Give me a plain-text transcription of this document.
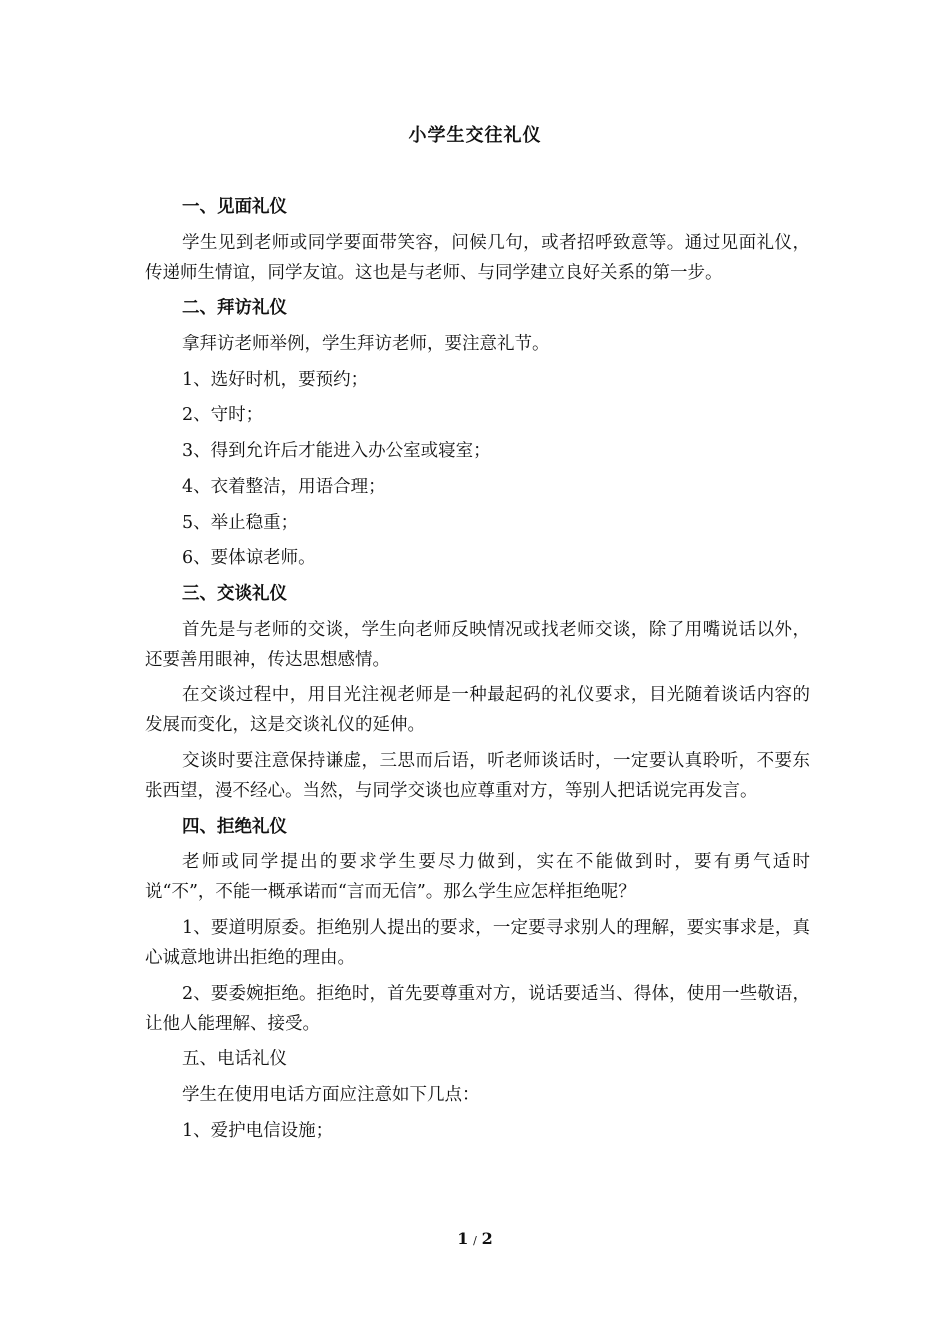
小学生交往礼仪

一、见面礼仪

学生见到老师或同学要面带笑容，问候几句，或者招呼致意等。通过见面礼仪，传递师生情谊，同学友谊。这也是与老师、与同学建立良好关系的第一步。

二、拜访礼仪

拿拜访老师举例，学生拜访老师，要注意礼节。

1、选好时机，要预约；

2、守时；

3、得到允许后才能进入办公室或寝室；

4、衣着整洁，用语合理；

5、举止稳重；

6、要体谅老师。

三、交谈礼仪

首先是与老师的交谈，学生向老师反映情况或找老师交谈，除了用嘴说话以外，还要善用眼神，传达思想感情。

在交谈过程中，用目光注视老师是一种最起码的礼仪要求，目光随着谈话内容的发展而变化，这是交谈礼仪的延伸。

交谈时要注意保持谦虚，三思而后语，听老师谈话时，一定要认真聆听，不要东张西望，漫不经心。当然，与同学交谈也应尊重对方，等别人把话说完再发言。

四、拒绝礼仪

老师或同学提出的要求学生要尽力做到，实在不能做到时，要有勇气适时说“不”，不能一概承诺而“言而无信”。那么学生应怎样拒绝呢？

1、要道明原委。拒绝别人提出的要求，一定要寻求别人的理解，要实事求是，真心诚意地讲出拒绝的理由。

2、要委婉拒绝。拒绝时，首先要尊重对方，说话要适当、得体，使用一些敬语，让他人能理解、接受。

五、电话礼仪

学生在使用电话方面应注意如下几点：

1、爱护电信设施；

1 / 2
